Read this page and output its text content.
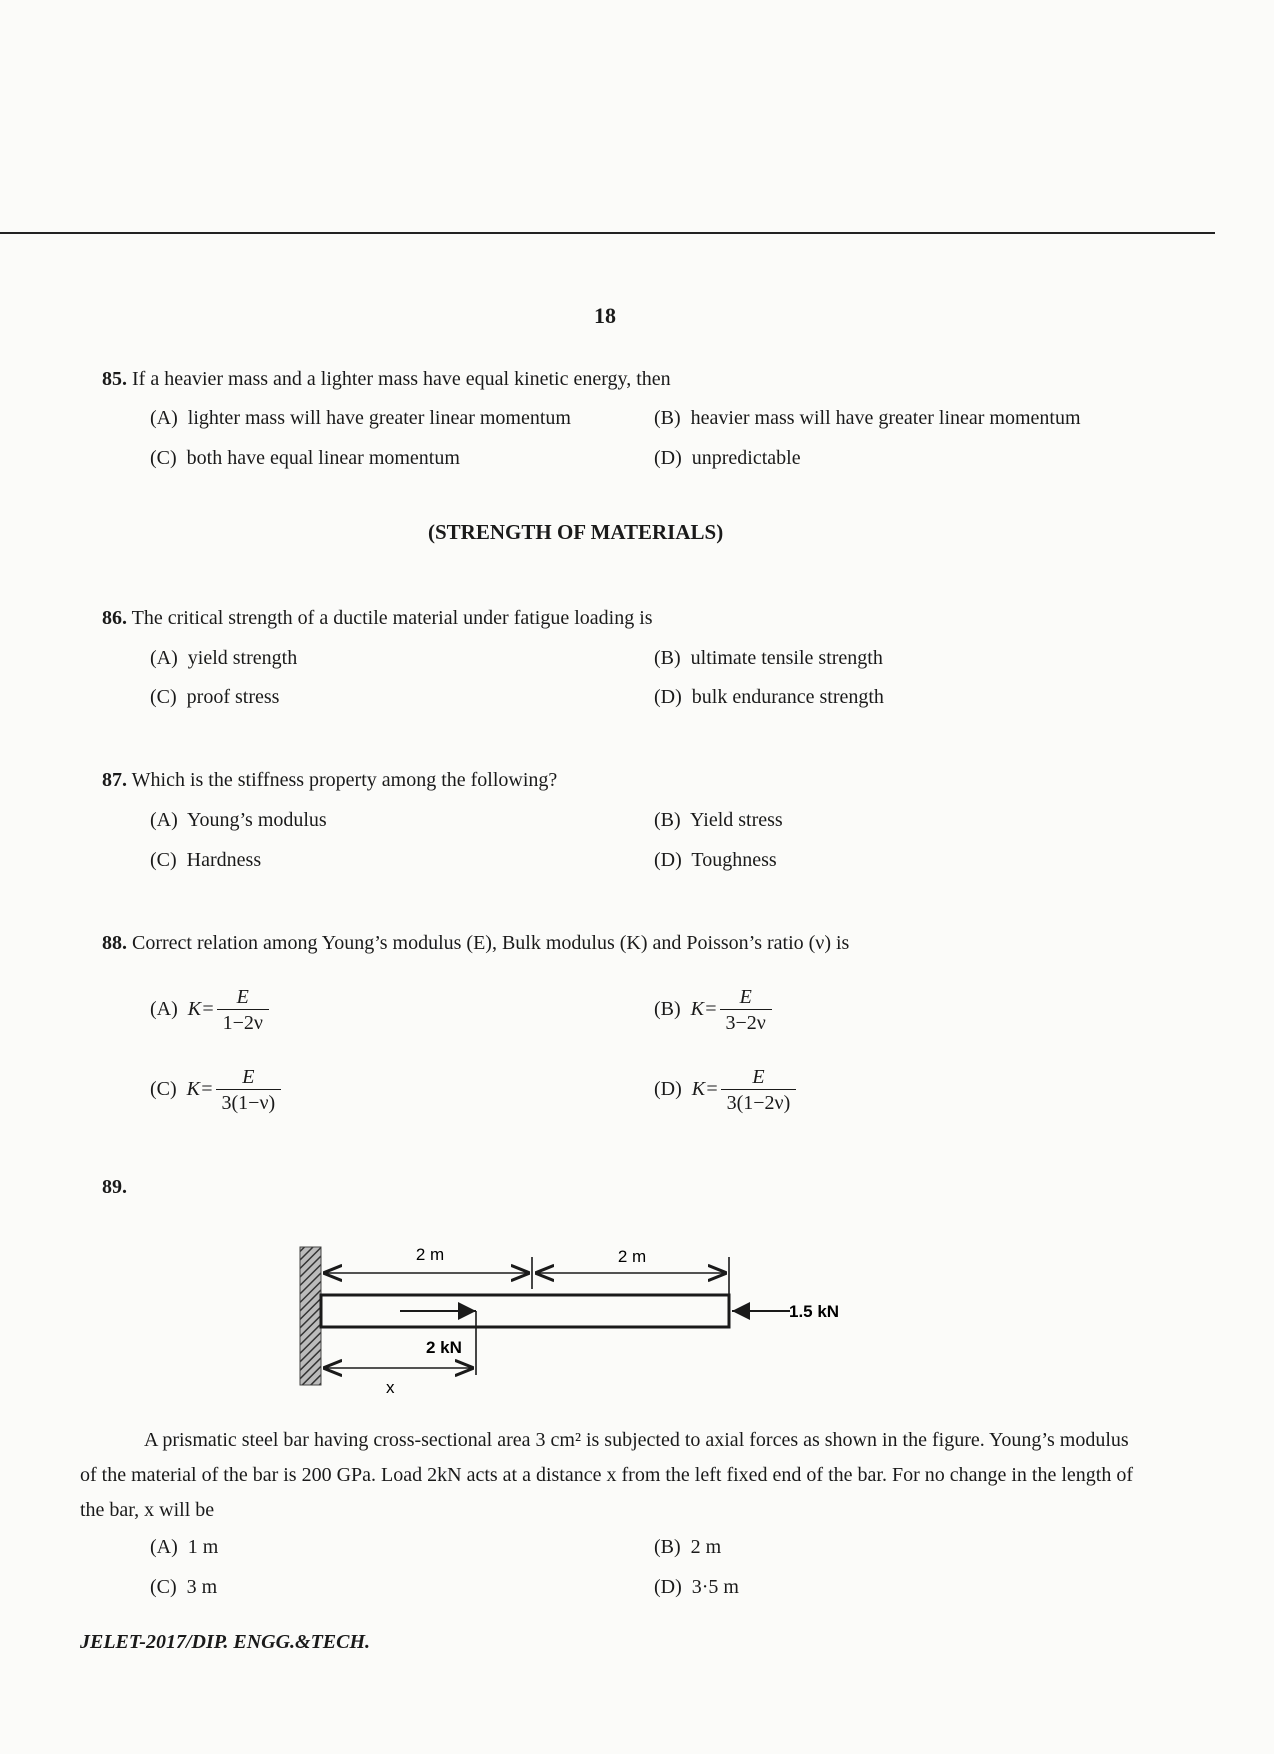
18
85. If a heavier mass and a lighter mass have equal kinetic energy, then
(A) lighter mass will have greater linear momentum	(B) heavier mass will have greater linear momentum
(C) both have equal linear momentum	(D) unpredictable
(STRENGTH OF MATERIALS)
86. The critical strength of a ductile material under fatigue loading is
(A) yield strength	(B) ultimate tensile strength
(C) proof stress	(D) bulk endurance strength
87. Which is the stiffness property among the following?
(A) Young’s modulus	(B) Yield stress
(C) Hardness	(D) Toughness
88. Correct relation among Young’s modulus (E), Bulk modulus (K) and Poisson’s ratio (ν) is
(A) $K= \frac{E}{1-2\nu}$	(B) $K= \frac{E}{3-2\nu}$
(C) $K= \frac{E}{3(1-\nu)}$	(D) $K= \frac{E}{3(1-2\nu)}$
89.
2 m	2 m
1.5 kN
2 kN
x
A prismatic steel bar having cross-sectional area 3 cm² is subjected to axial forces as shown in the figure. Young’s modulus of the material of the bar is 200 GPa. Load 2kN acts at a distance x from the left fixed end of the bar. For no change in the length of the bar, x will be
(A) 1 m	(B) 2 m
(C) 3 m	(D) 3·5 m
JELET-2017/DIP. ENGG.&TECH.
